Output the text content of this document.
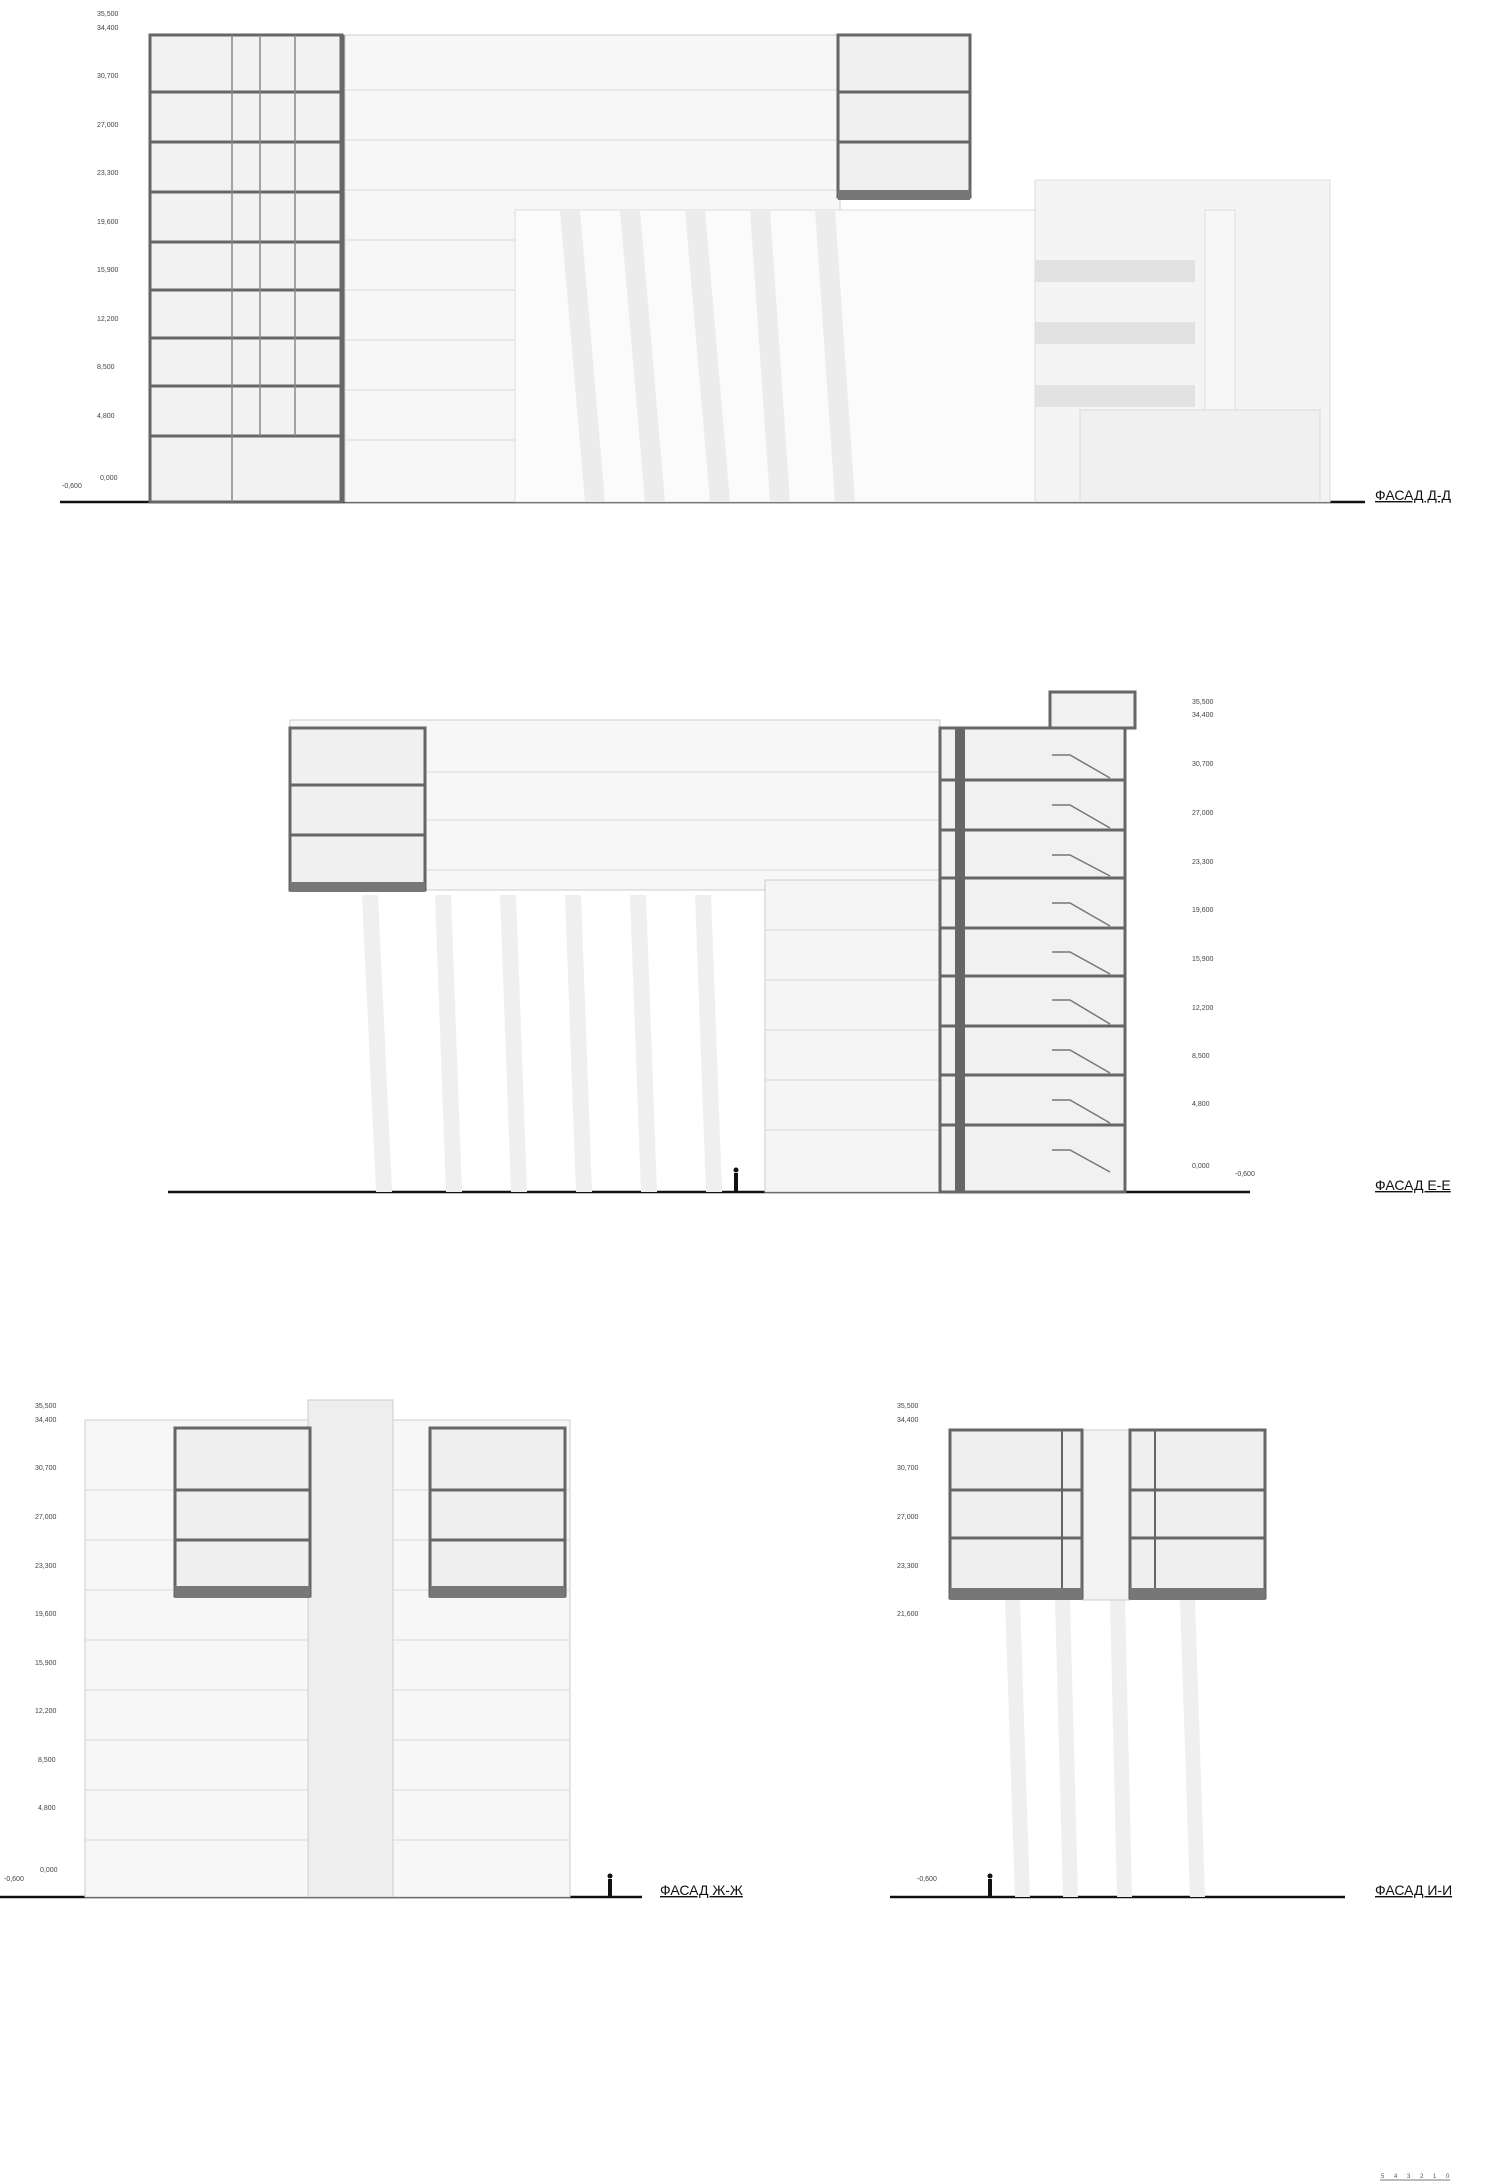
35,500
34,400
30,700
27,000
23,300
19,600
15,900
12,200
8,500
4,800
0,000
-0,600
ФАСАД Д-Д
35,500
34,400
30,700
27,000
23,300
19,600
15,900
12,200
8,500
4,800
0,000
-0,600
ФАСАД Е-Е
35,500
34,400
30,700
27,000
23,300
19,600
15,900
12,200
8,500
4,800
0,000
-0,600
ФАСАД Ж-Ж
35,500
34,400
30,700
27,000
23,300
21,600
-0,600
ФАСАД И-И
5 4 3 2 1 0
